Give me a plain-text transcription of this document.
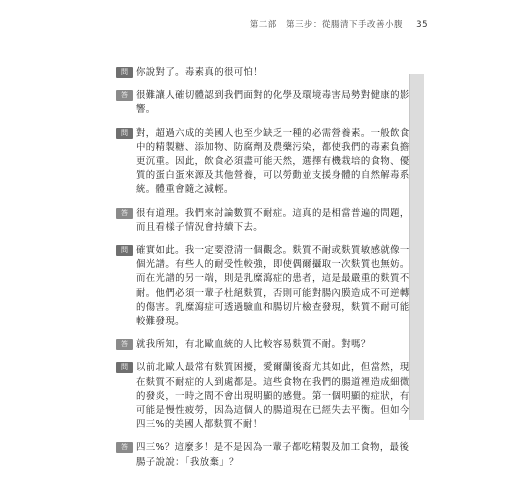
第二部 第三步：從腸清下手改善小腹 35
問 你說對了。毒素真的很可怕！
答 很難讓人確切體認到我們面對的化學及環境毒害局勢對健康的影響。
問 對，超過六成的美國人也至少缺乏一種的必需營養素。一般飲食中的精製糖、添加物、防腐劑及農藥污染，都使我們的毒素負擔更沉重。因此，飲食必須盡可能天然，選擇有機栽培的食物、優質的蛋白蛋來源及其他營養，可以勞動並支援身體的自然解毒系統。體重會隨之減輕。
答 很有道理。我們來討論數質不耐症。這真的是相當普遍的問題，而且看樣子情況會持續下去。
問 確實如此。我一定要澄清一個觀念。麩質不耐或麩質敏感就像一個光譜。有些人的耐受性較強，即使偶爾攝取一次麩質也無妨。而在光譜的另一端，則是乳糜瀉症的患者，這是最嚴重的麩質不耐。他們必須一輩子杜絕麩質，否則可能對腸內膜造成不可逆轉的傷害。乳糜瀉症可透過驗血和腸切片檢查發現，麩質不耐可能較難發現。
答 就我所知，有北歐血統的人比較容易麩質不耐。對嗎？
問 以前北歐人最常有麩質困擾，愛爾蘭後裔尤其如此，但當然，現在麩質不耐症的人到處都是。這些食物在我們的腸道裡造成細微的發炎，一時之間不會出現明顯的感覺。第一個明顯的症狀，有可能是慢性疲勞，因為這個人的腸道現在已經失去平衡。但如今四三%的美國人都麩質不耐！
答 四三%？這麼多！是不是因為一輩子都吃精製及加工食物，最後腸子說說：「我放棄」？
